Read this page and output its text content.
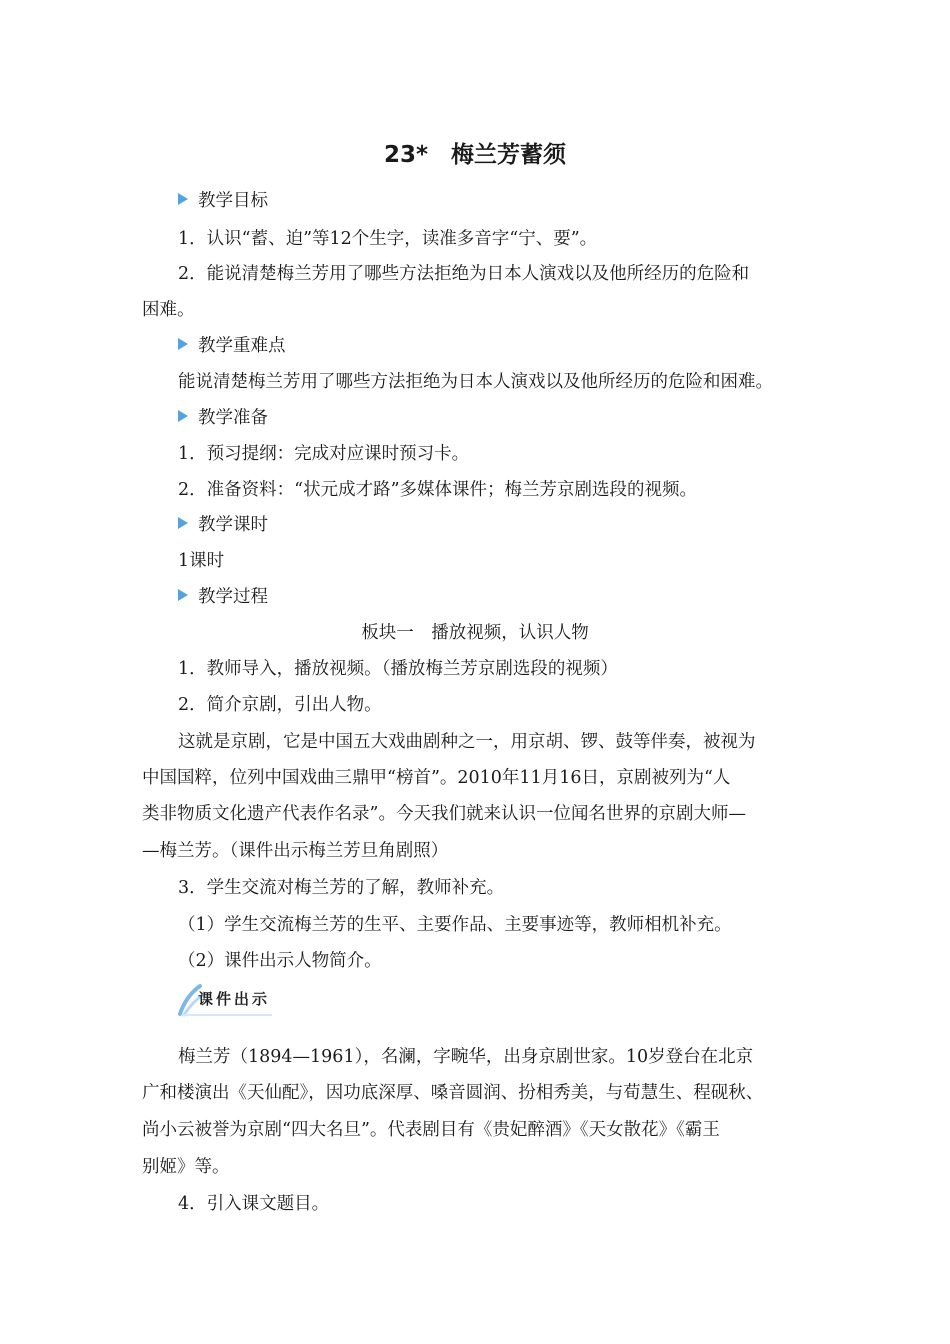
23*　梅兰芳蓄须
教学目标
1．认识“蓄、迫”等12个生字，读准多音字“宁、要”。
2．能说清楚梅兰芳用了哪些方法拒绝为日本人演戏以及他所经历的危险和
困难。
教学重难点
能说清楚梅兰芳用了哪些方法拒绝为日本人演戏以及他所经历的危险和困难。
教学准备
1．预习提纲：完成对应课时预习卡。
2．准备资料：“状元成才路”多媒体课件；梅兰芳京剧选段的视频。
教学课时
1课时
教学过程
板块一　播放视频，认识人物
1．教师导入，播放视频。（播放梅兰芳京剧选段的视频）
2．简介京剧，引出人物。
这就是京剧，它是中国五大戏曲剧种之一，用京胡、锣、鼓等伴奏，被视为
中国国粹，位列中国戏曲三鼎甲“榜首”。2010年11月16日，京剧被列为“人
类非物质文化遗产代表作名录”。今天我们就来认识一位闻名世界的京剧大师—
—梅兰芳。（课件出示梅兰芳旦角剧照）
3．学生交流对梅兰芳的了解，教师补充。
（1）学生交流梅兰芳的生平、主要作品、主要事迹等，教师相机补充。
（2）课件出示人物简介。
课件出示
梅兰芳（1894—1961），名澜，字畹华，出身京剧世家。10岁登台在北京
广和楼演出《天仙配》，因功底深厚、嗓音圆润、扮相秀美，与荀慧生、程砚秋、
尚小云被誉为京剧“四大名旦”。代表剧目有《贵妃醉酒》《天女散花》《霸王
别姬》等。
4．引入课文题目。
